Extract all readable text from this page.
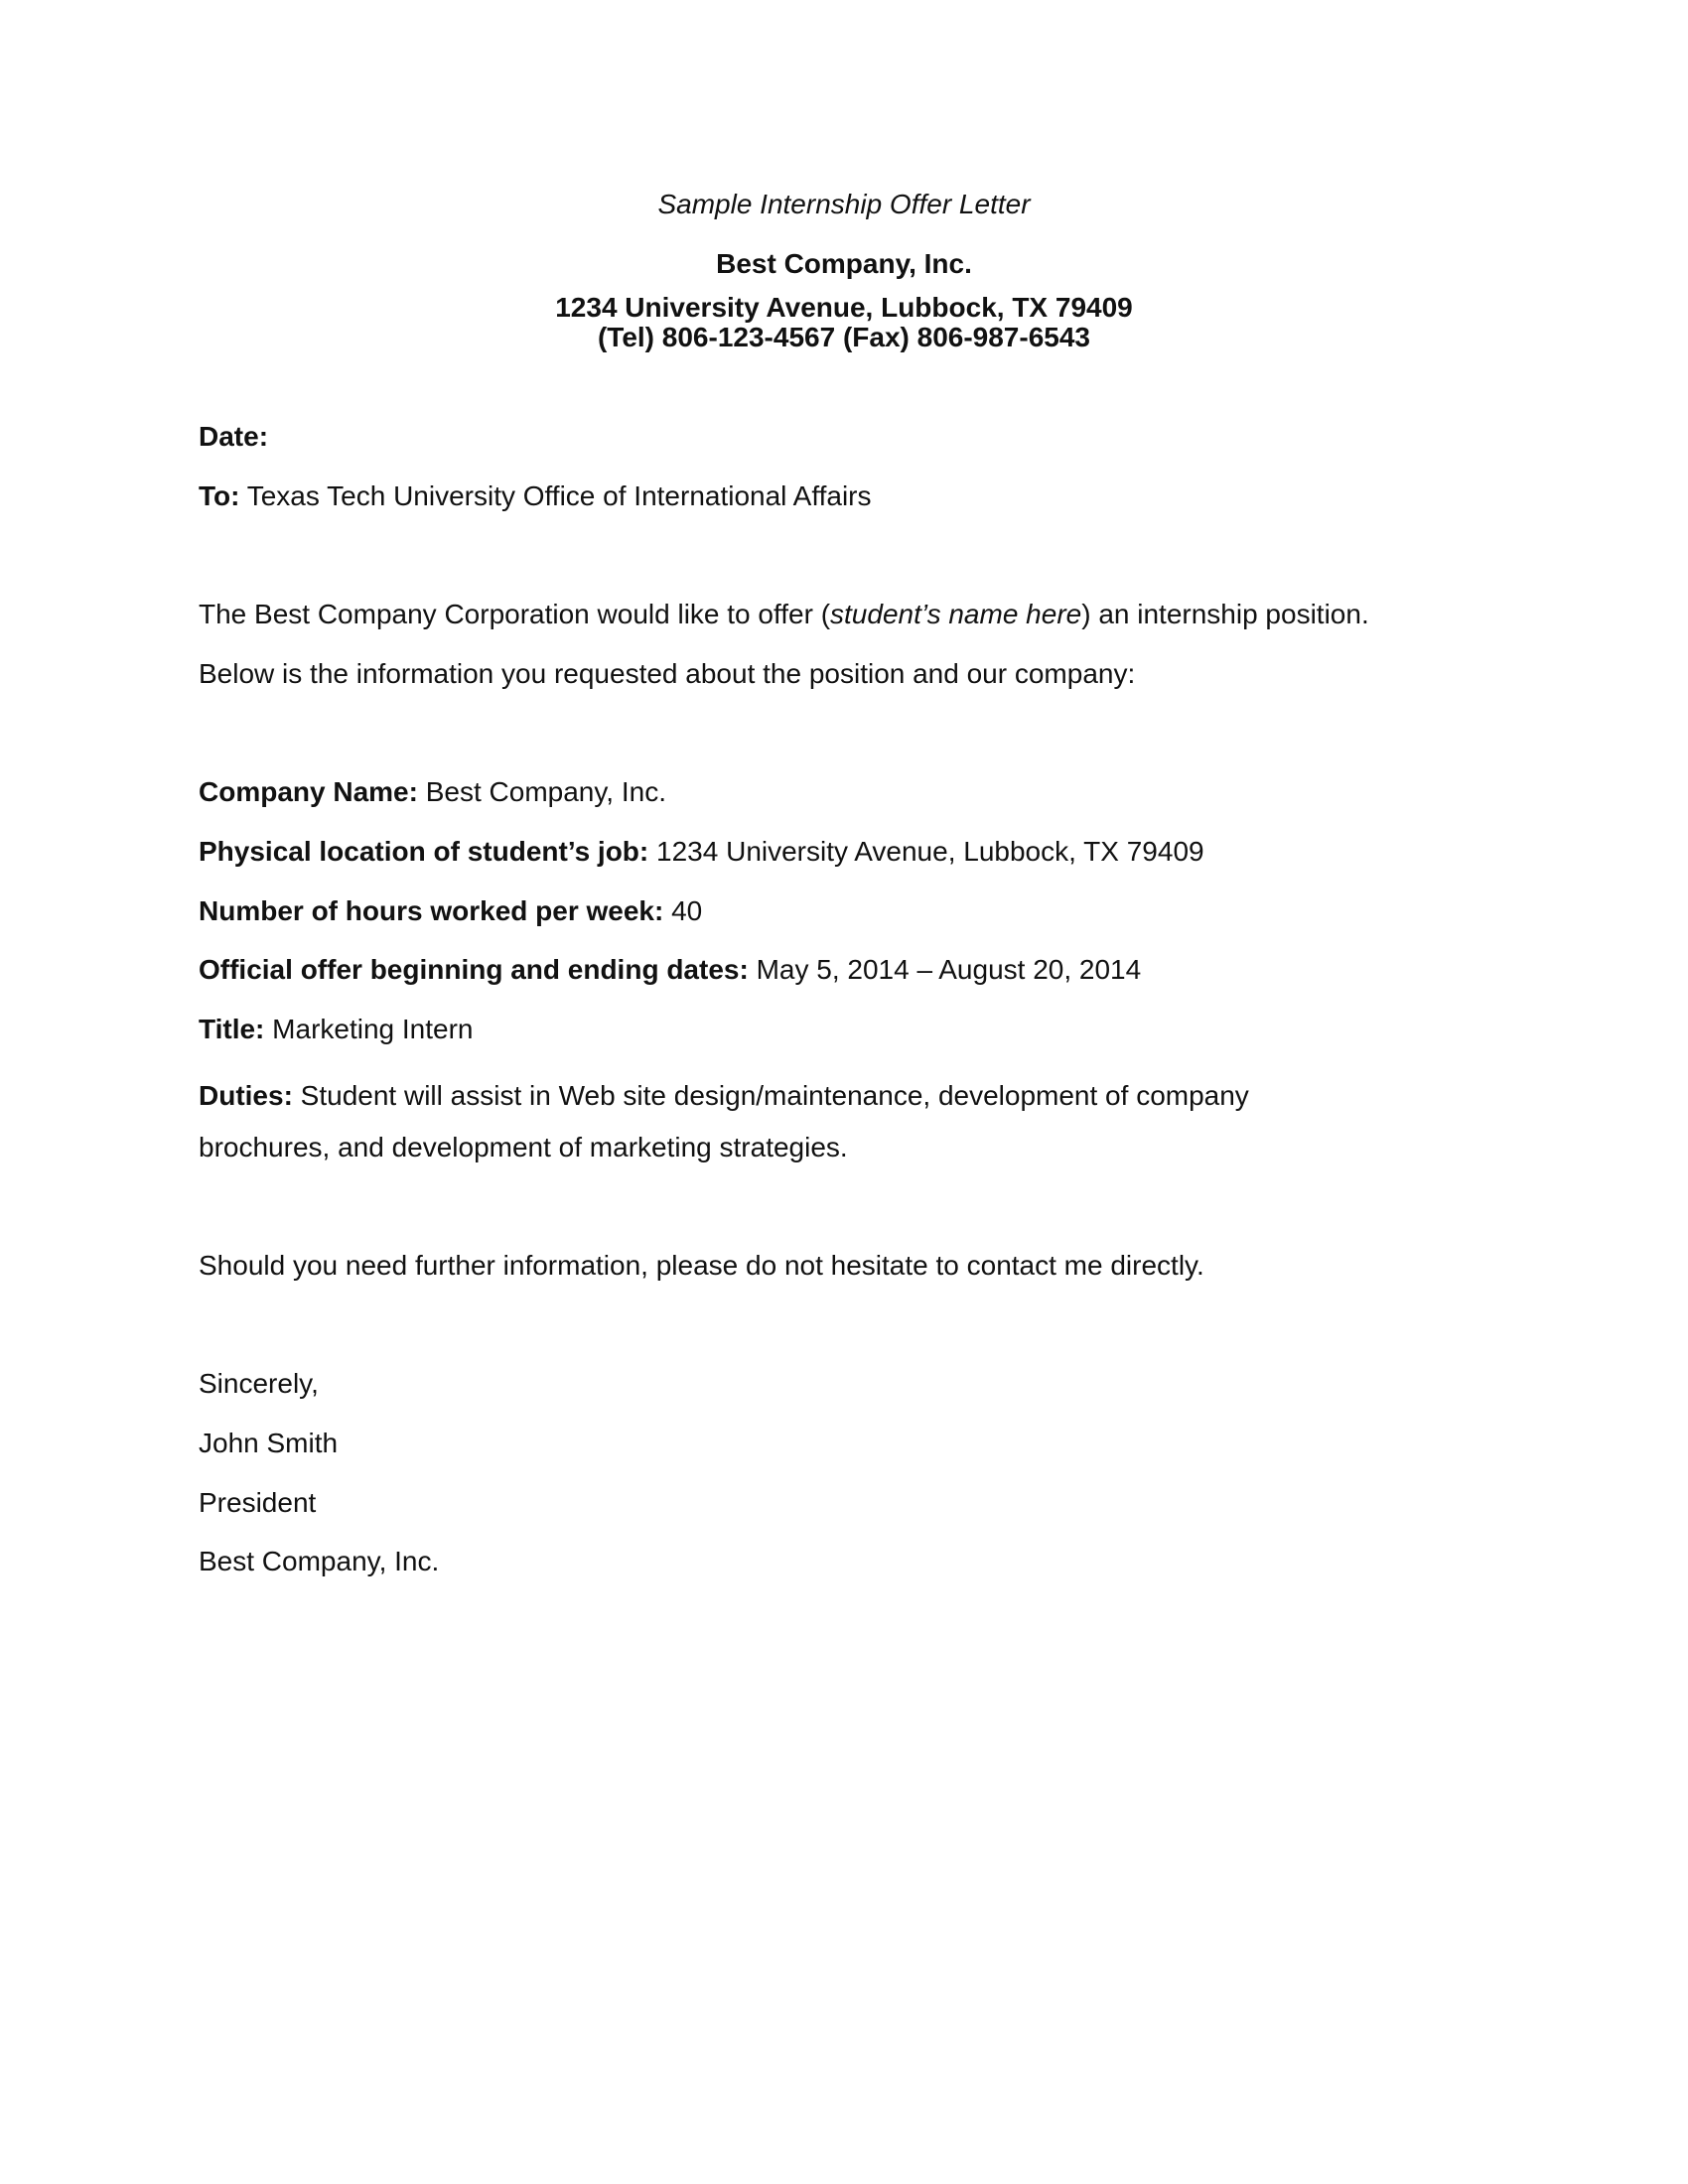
Sample Internship Offer Letter
Best Company, Inc.
1234 University Avenue, Lubbock, TX 79409
(Tel) 806-123-4567 (Fax) 806-987-6543
Date:
To: Texas Tech University Office of International Affairs
The Best Company Corporation would like to offer (student’s name here) an internship position.
Below is the information you requested about the position and our company:
Company Name: Best Company, Inc.
Physical location of student’s job: 1234 University Avenue, Lubbock, TX 79409
Number of hours worked per week: 40
Official offer beginning and ending dates: May 5, 2014 – August 20, 2014
Title: Marketing Intern
Duties: Student will assist in Web site design/maintenance, development of company
brochures, and development of marketing strategies.
Should you need further information, please do not hesitate to contact me directly.
Sincerely,
John Smith
President
Best Company, Inc.
